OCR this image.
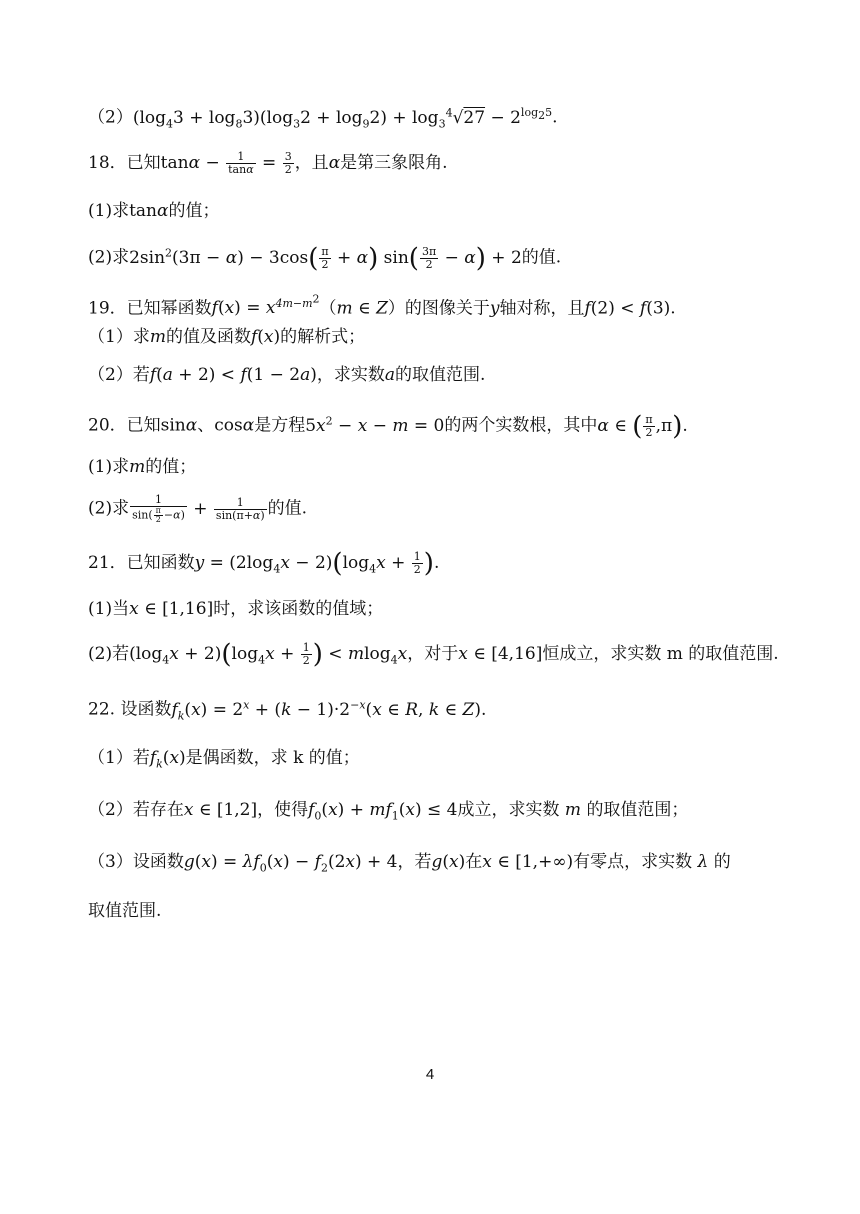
$(2)(\log_43 + \log_83)(\log_32 + \log_92) + \log_3^4√27 - 2^{log_25}$.
18．已知$\tan\alpha - \frac{1}{\tan\alpha} = \frac{3}{2}$ ，且α是第三象限角.
(1)求tanα的值；
(2)求$2\sin^2(3\pi - \alpha) - 3\cos( \frac{\pi}{2} + \alpha)$ $\sin( \frac{3\pi}{2} - \alpha) + 2$的值.
19．已知幂函数$f(x) = x^{4m-m^2}(m$ ∈ Z）的图像关于y轴对称，且f(2) < f(3).
（1）求m的值及函数f(x)的解析式；
（2）若f(a + 2) < f(1 − 2a)，求实数a的取值范围.
20．已知sinα、cosα是方程$5x^2 - x - m = 0$的两个实数根，其中α ∈ ( $\frac{\pi}{2} ,\pi$).
(1)求m的值；
(2)求 $\frac{1}{\sin( \frac{\pi}{2} -\alpha)} + \frac{1}{\sin(\pi+\alpha)}$ 的值.
21．已知函数$y = (2\log_4x - 2)(\log_4x + \frac{1}{2}$ ).
(1)当x ∈ [1,16]时，求该函数的值域；
(2)若$(\log_4x + 2)(\log_4x + \frac{1}{2}$ ) < mlog$_4$x，对于x ∈ [4,16]恒成立，求实数 m 的取值范围.
22. 设函数$f_k(x) = 2^x + (k - 1)\cdot 2^{-x}(x$ ∈ R, k ∈ Z).
（1）若$f_k(x)$是偶函数，求 k 的值；
（2）若存在x ∈ [1,2]，使得$f_0(x) + mf_1(x) \le 4$成立，求实数 m 的取值范围；
（3）设函数$g(x) = \lambda f_0(x) - f_2(2x) + 4$，若g(x)在x ∈ [1,+∞)有零点，求实数 λ 的
取值范围.
4
